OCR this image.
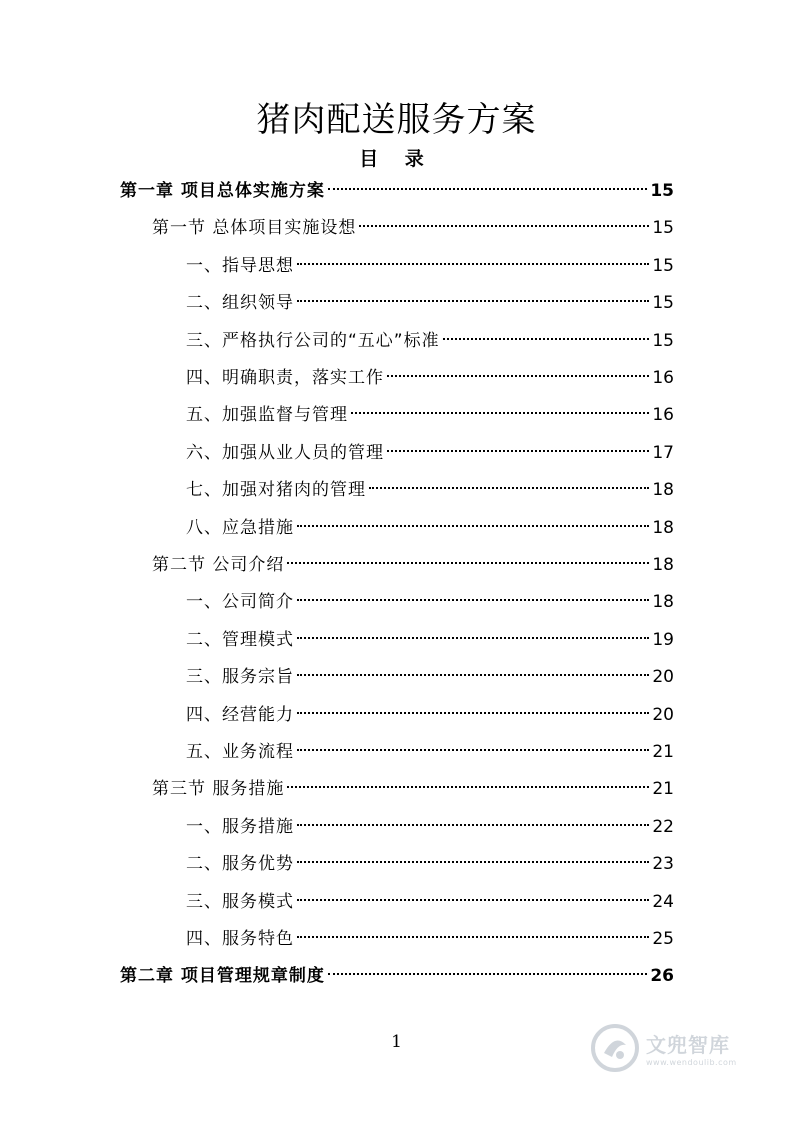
猪肉配送服务方案
目 录
第一章 项目总体实施方案	15
第一节 总体项目实施设想	15
一、指导思想	15
二、组织领导	15
三、严格执行公司的“五心”标准	15
四、明确职责，落实工作	16
五、加强监督与管理	16
六、加强从业人员的管理	17
七、加强对猪肉的管理	18
八、应急措施	18
第二节 公司介绍	18
一、公司简介	18
二、管理模式	19
三、服务宗旨	20
四、经营能力	20
五、业务流程	21
第三节 服务措施	21
一、服务措施	22
二、服务优势	23
三、服务模式	24
四、服务特色	25
第二章 项目管理规章制度	26
1	文兜智库
www.wendoulib.com
